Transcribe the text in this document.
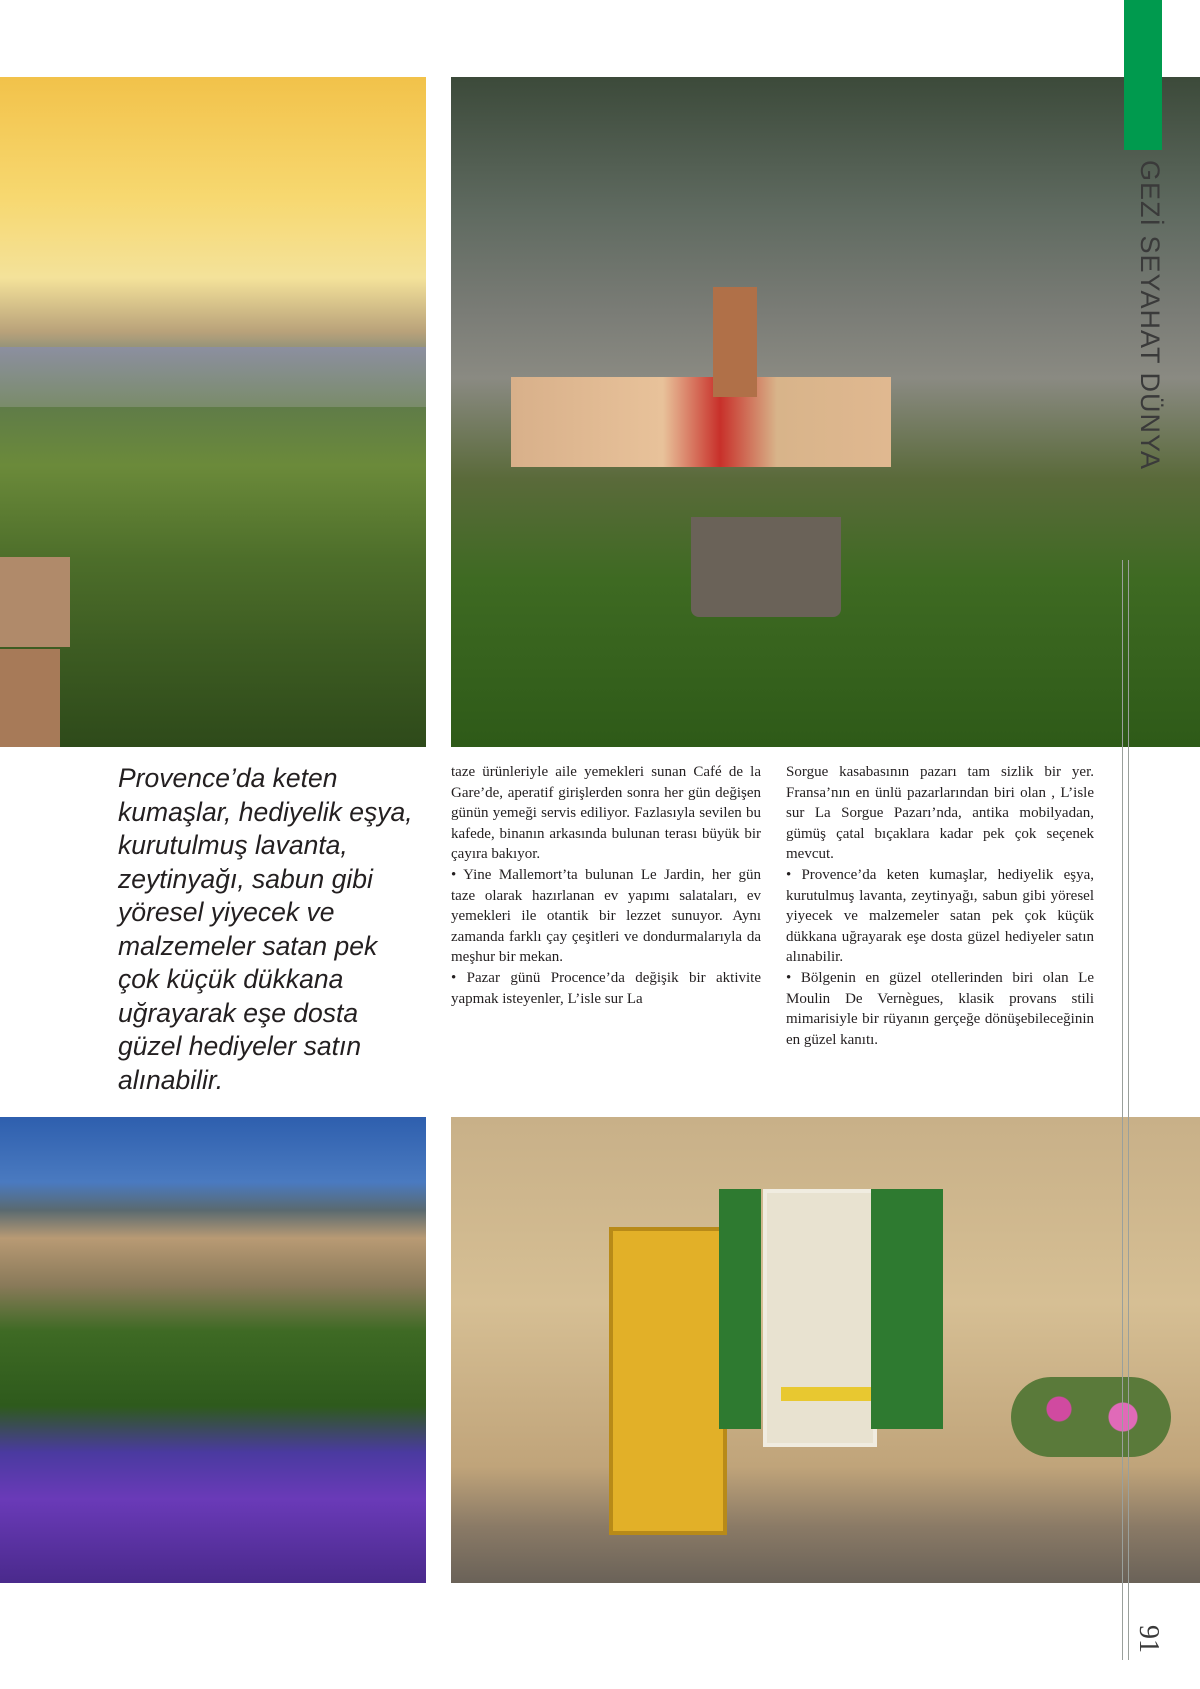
Provence’da keten kumaşlar, hediyelik eşya, kurutulmuş lavanta, zeytinyağı, sabun gibi yöresel yiyecek ve malzemeler satan pek çok küçük dükkana uğrayarak eşe dosta güzel hediyeler satın alınabilir.

taze ürünleriyle aile yemekleri sunan Café de la Gare’de, aperatif girişlerden sonra her gün değişen günün yemeği servis ediliyor. Fazlasıyla sevilen bu kafede, binanın arkasında bulunan terası büyük bir çayıra bakıyor.

• Yine Mallemort’ta bulunan Le Jardin, her gün taze olarak hazırlanan ev yapımı salataları, ev yemekleri ile otantik bir lezzet sunuyor. Aynı zamanda farklı çay çeşitleri ve dondurmalarıyla da meşhur bir mekan.

• Pazar günü Procence’da değişik bir aktivite yapmak isteyenler, L’isle sur La

Sorgue kasabasının pazarı tam sizlik bir yer. Fransa’nın en ünlü pazarlarından biri olan , L’isle sur La Sorgue Pazarı’nda, antika mobilyadan, gümüş çatal bıçaklara kadar pek çok seçenek mevcut.

• Provence’da keten kumaşlar, hediyelik eşya, kurutulmuş lavanta, zeytinyağı, sabun gibi yöresel yiyecek ve malzemeler satan pek çok küçük dükkana uğrayarak eşe dosta güzel hediyeler satın alınabilir.

• Bölgenin en güzel otellerinden biri olan Le Moulin De Vernègues, klasik provans stili mimarisiyle bir rüyanın gerçeğe dönüşebileceğinin en güzel kanıtı.

BOSS
GEZİ SEYAHAT DÜNYA
91
